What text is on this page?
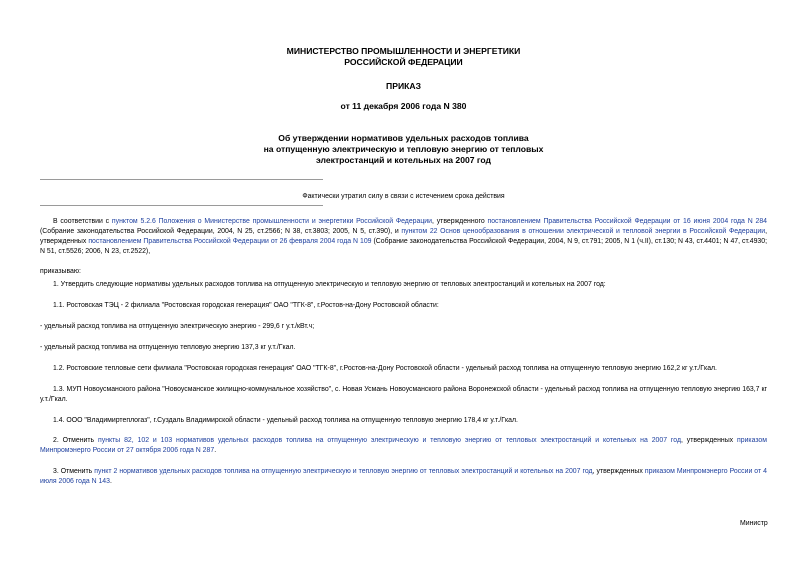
МИНИСТЕРСТВО ПРОМЫШЛЕННОСТИ И ЭНЕРГЕТИКИ
РОССИЙСКОЙ ФЕДЕРАЦИИ
ПРИКАЗ
от 11 декабря 2006 года N 380
Об утверждении нормативов удельных расходов топлива
на отпущенную электрическую и тепловую энергию от тепловых
электростанций и котельных на 2007 год
Фактически утратил силу в связи с истечением срока действия
В соответствии с пунктом 5.2.6 Положения о Министерстве промышленности и энергетики Российской Федерации, утвержденного постановлением Правительства Российской Федерации от 16 июня 2004 года N 284 (Собрание законодательства Российской Федерации, 2004, N 25, ст.2566; N 38, ст.3803; 2005, N 5, ст.390), и пунктом 22 Основ ценообразования в отношении электрической и тепловой энергии в Российской Федерации, утвержденных постановлением Правительства Российской Федерации от 26 февраля 2004 года N 109 (Собрание законодательства Российской Федерации, 2004, N 9, ст.791; 2005, N 1 (ч.II), ст.130; N 43, ст.4401; N 47, ст.4930; N 51, ст.5526; 2006, N 23, ст.2522),
приказываю:
1. Утвердить следующие нормативы удельных расходов топлива на отпущенную электрическую и тепловую энергию от тепловых электростанций и котельных на 2007 год:
1.1. Ростовская ТЭЦ - 2 филиала "Ростовская городская генерация" ОАО "ТГК-8", г.Ростов-на-Дону Ростовской области:
- удельный расход топлива на отпущенную электрическую энергию - 299,6 г у.т./кВт.ч;
- удельный расход топлива на отпущенную тепловую энергию 137,3 кг у.т./Гкал.
1.2. Ростовские тепловые сети филиала "Ростовская городская генерация" ОАО "ТГК-8", г.Ростов-на-Дону Ростовской области - удельный расход топлива на отпущенную тепловую энергию 162,2 кг у.т./Гкал.
1.3. МУП Новоусманского района "Новоусманское жилищно-коммунальное хозяйство", с. Новая Усмань Новоусманского района Воронежской области - удельный расход топлива на отпущенную тепловую энергию 163,7 кг у.т./Гкал.
1.4. ООО "Владимиртеплогаз", г.Суздаль Владимирской области - удельный расход топлива на отпущенную тепловую энергию 178,4 кг у.т./Гкал.
2. Отменить пункты 82, 102 и 103 нормативов удельных расходов топлива на отпущенную электрическую и тепловую энергию от тепловых электростанций и котельных на 2007 год, утвержденных приказом Минпромэнерго России от 27 октября 2006 года N 287.
3. Отменить пункт 2 нормативов удельных расходов топлива на отпущенную электрическую и тепловую энергию от тепловых электростанций и котельных на 2007 год, утвержденных приказом Минпромэнерго России от 4 июля 2006 года N 143.
Министр
